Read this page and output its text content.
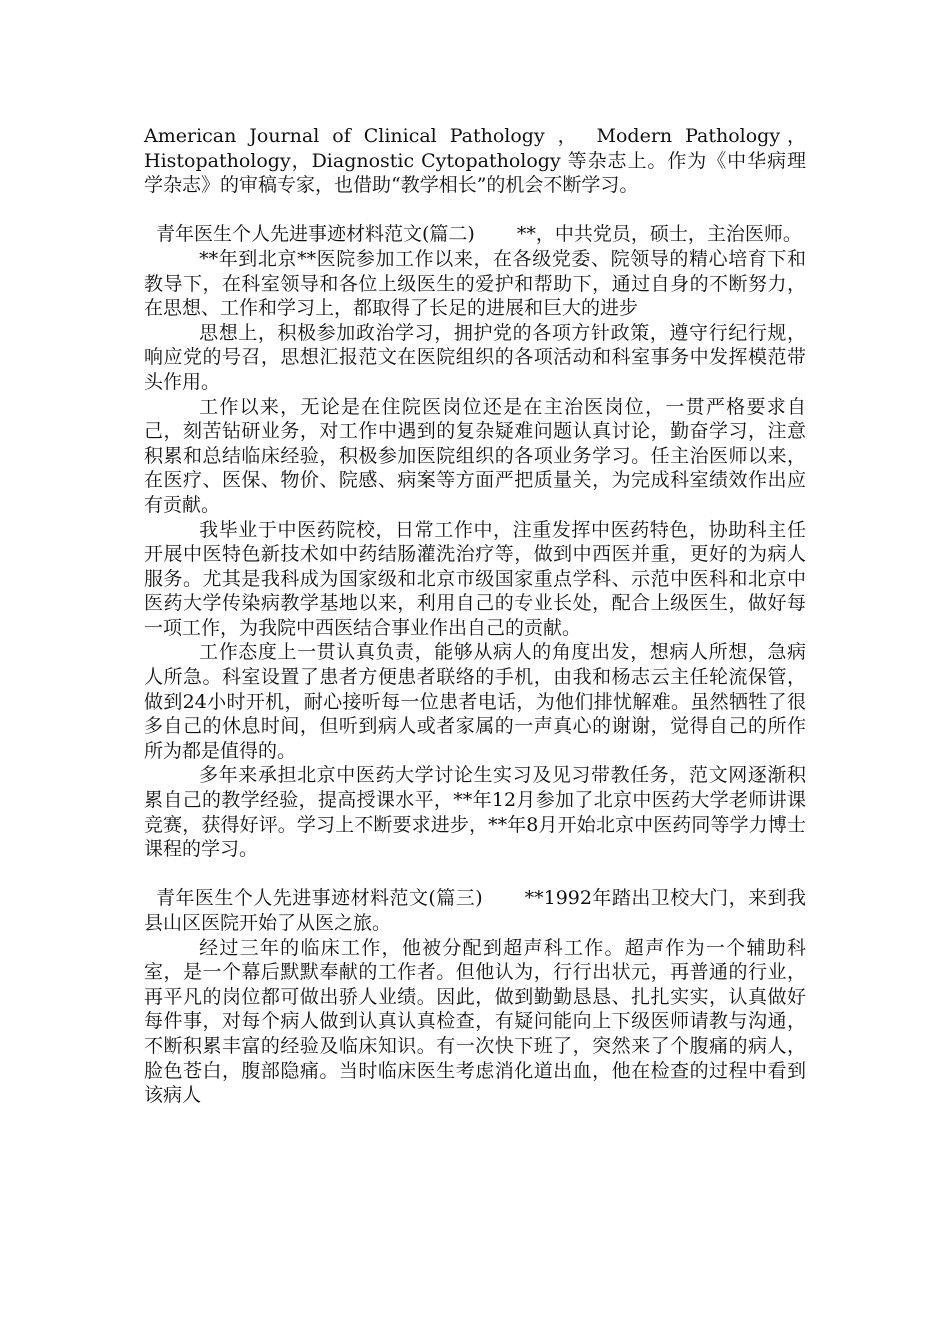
American Journal of Clinical Pathology ， Modern Pathology，Histopathology，Diagnostic Cytopathology 等杂志上。作为《中华病理学杂志》的审稿专家，也借助“教学相长”的机会不断学习。

青年医生个人先进事迹材料范文(篇二) **，中共党员，硕士，主治医师。

**年到北京**医院参加工作以来，在各级党委、院领导的精心培育下和教导下，在科室领导和各位上级医生的爱护和帮助下，通过自身的不断努力，在思想、工作和学习上，都取得了长足的进展和巨大的进步

思想上，积极参加政治学习，拥护党的各项方针政策，遵守行纪行规，响应党的号召，思想汇报范文在医院组织的各项活动和科室事务中发挥模范带头作用。

工作以来，无论是在住院医岗位还是在主治医岗位，一贯严格要求自己，刻苦钻研业务，对工作中遇到的复杂疑难问题认真讨论，勤奋学习，注意积累和总结临床经验，积极参加医院组织的各项业务学习。任主治医师以来，在医疗、医保、物价、院感、病案等方面严把质量关，为完成科室绩效作出应有贡献。

我毕业于中医药院校，日常工作中，注重发挥中医药特色，协助科主任开展中医特色新技术如中药结肠灌洗治疗等，做到中西医并重，更好的为病人服务。尤其是我科成为国家级和北京市级国家重点学科、示范中医科和北京中医药大学传染病教学基地以来，利用自己的专业长处，配合上级医生，做好每一项工作，为我院中西医结合事业作出自己的贡献。

工作态度上一贯认真负责，能够从病人的角度出发，想病人所想，急病人所急。科室设置了患者方便患者联络的手机，由我和杨志云主任轮流保管，做到24小时开机，耐心接听每一位患者电话，为他们排忧解难。虽然牺牲了很多自己的休息时间，但听到病人或者家属的一声真心的谢谢，觉得自己的所作所为都是值得的。

多年来承担北京中医药大学讨论生实习及见习带教任务，范文网逐渐积累自己的教学经验，提高授课水平，**年12月参加了北京中医药大学老师讲课竞赛，获得好评。学习上不断要求进步，**年8月开始北京中医药同等学力博士课程的学习。

青年医生个人先进事迹材料范文(篇三) **1992年踏出卫校大门，来到我县山区医院开始了从医之旅。

经过三年的临床工作，他被分配到超声科工作。超声作为一个辅助科室，是一个幕后默默奉献的工作者。但他认为，行行出状元，再普通的行业，再平凡的岗位都可做出骄人业绩。因此，做到勤勤恳恳、扎扎实实，认真做好每件事，对每个病人做到认真认真检查，有疑问能向上下级医师请教与沟通，不断积累丰富的经验及临床知识。有一次快下班了，突然来了个腹痛的病人，脸色苍白，腹部隐痛。当时临床医生考虑消化道出血，他在检查的过程中看到该病人
